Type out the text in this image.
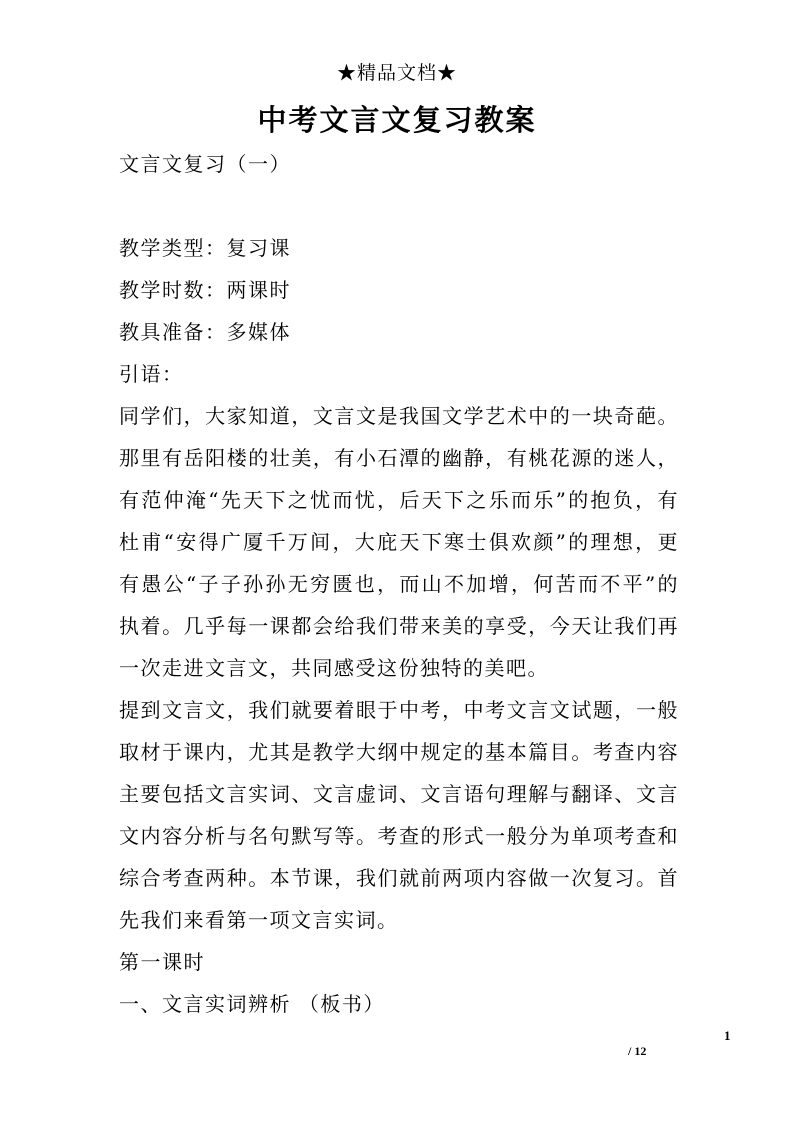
★精品文档★
中考文言文复习教案

文言文复习（一）

教学类型：复习课

教学时数：两课时

教具准备：多媒体

引语：

同学们，大家知道，文言文是我国文学艺术中的一块奇葩。那里有岳阳楼的壮美，有小石潭的幽静，有桃花源的迷人，有范仲淹“先天下之忧而忧，后天下之乐而乐”的抱负，有杜甫“安得广厦千万间，大庇天下寒士俱欢颜”的理想，更有愚公“子子孙孙无穷匮也，而山不加增，何苦而不平”的执着。几乎每一课都会给我们带来美的享受，今天让我们再一次走进文言文，共同感受这份独特的美吧。

提到文言文，我们就要着眼于中考，中考文言文试题，一般取材于课内，尤其是教学大纲中规定的基本篇目。考查内容主要包括文言实词、文言虚词、文言语句理解与翻译、文言文内容分析与名句默写等。考查的形式一般分为单项考查和综合考查两种。本节课，我们就前两项内容做一次复习。首先我们来看第一项文言实词。

第一课时

一、文言实词辨析 （板书）

1
/ 12
